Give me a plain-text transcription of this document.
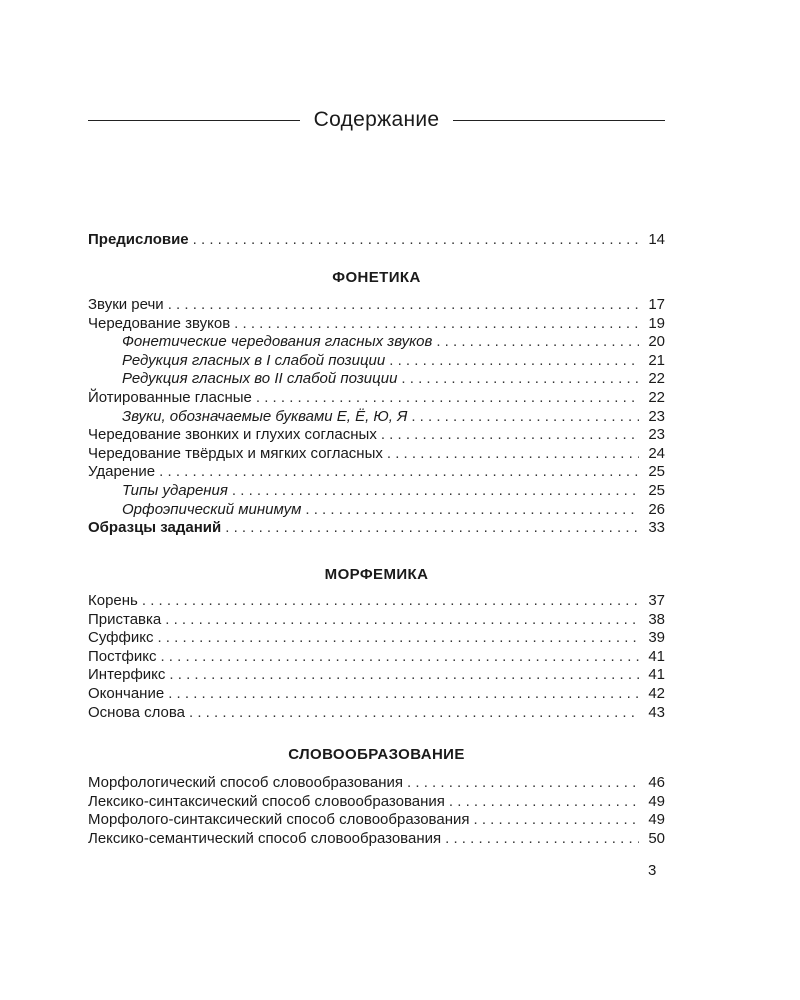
Содержание
Предисловие . . .	14
ФОНЕТИКА
Звуки речи . . .	17
Чередование звуков . . .	19
Фонетические чередования гласных звуков . . .	20
Редукция гласных в I слабой позиции . . .	21
Редукция гласных во II слабой позиции . . .	22
Йотированные гласные . . .	22
Звуки, обозначаемые буквами Е, Ё, Ю, Я . . .	23
Чередование звонких и глухих согласных . . .	23
Чередование твёрдых и мягких согласных . . .	24
Ударение . . .	25
Типы ударения . . .	25
Орфоэпический минимум . . .	26
Образцы заданий . . .	33
МОРФЕМИКА
Корень . . .	37
Приставка . . .	38
Суффикс . . .	39
Постфикс . . .	41
Интерфикс . . .	41
Окончание . . .	42
Основа слова . . .	43
СЛОВООБРАЗОВАНИЕ
Морфологический способ словообразования . . .	46
Лексико-синтаксический способ словообразования . . .	49
Морфолого-синтаксический способ словообразования . . .	49
Лексико-семантический способ словообразования . . .	50
3
